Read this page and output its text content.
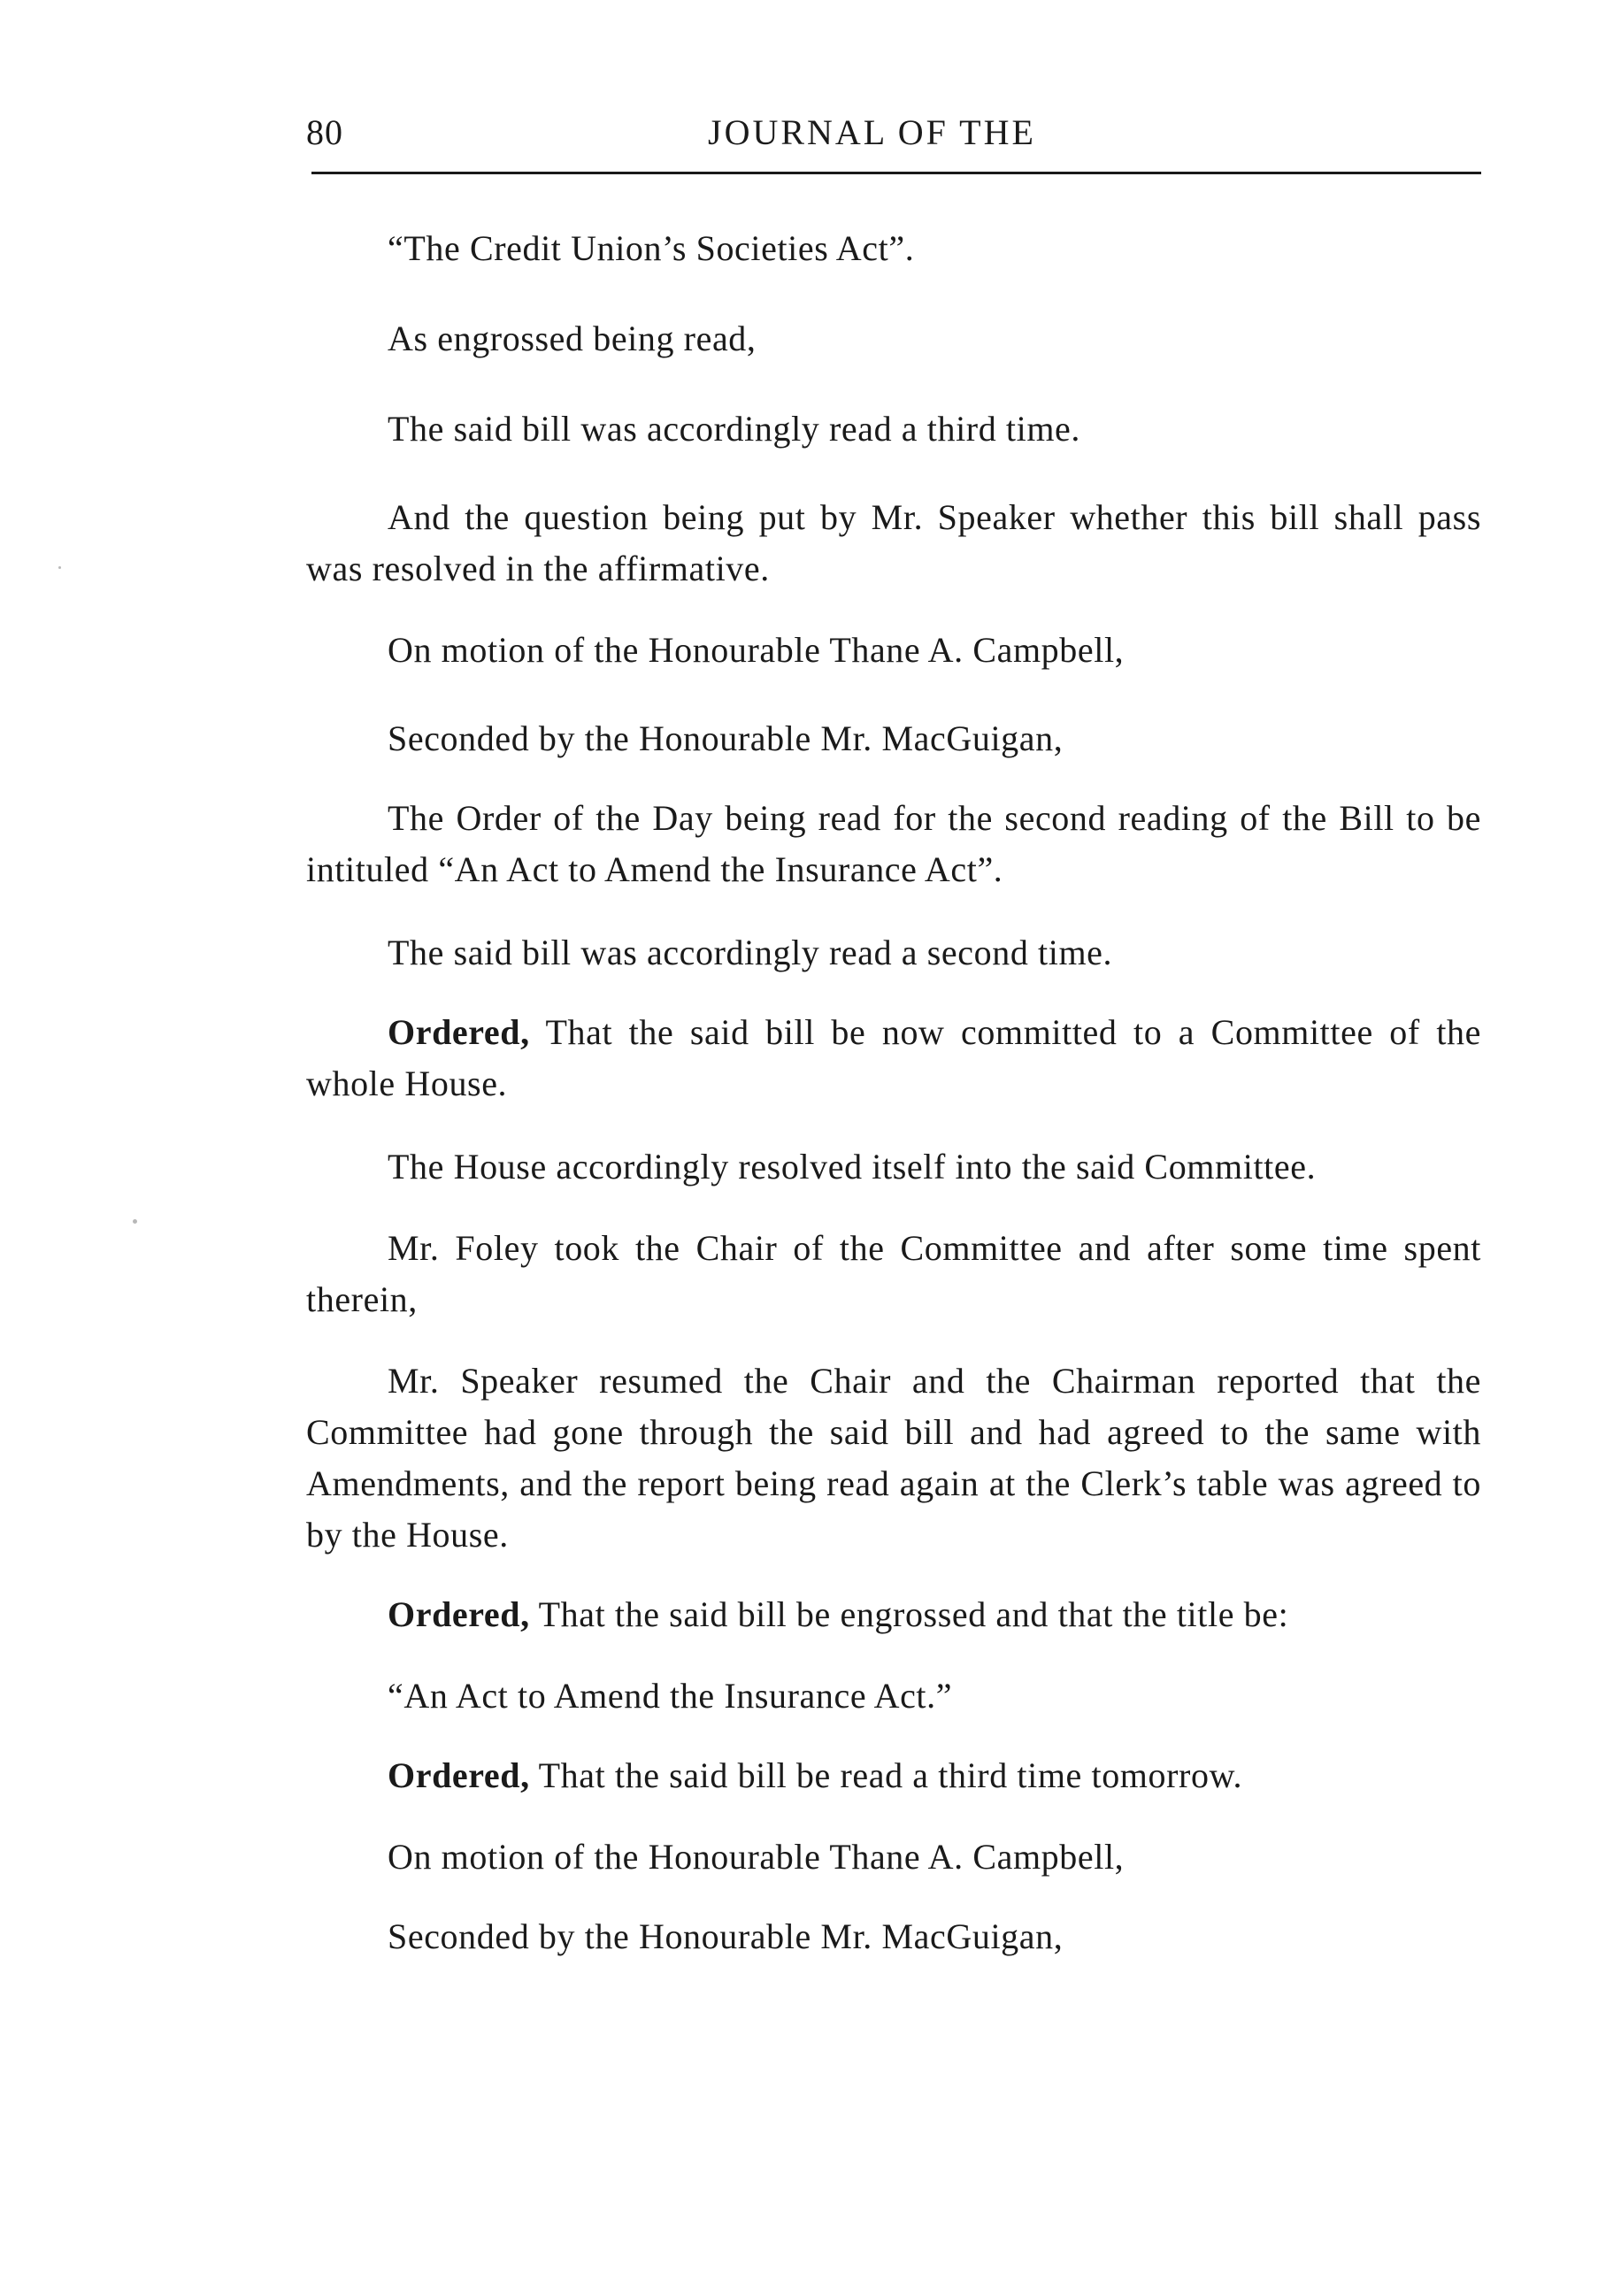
80	JOURNAL OF THE

“The Credit Union’s Societies Act”.

As engrossed being read,

The said bill was accordingly read a third time.

And the question being put by Mr. Speaker whether this bill shall pass was resolved in the affirmative.

On motion of the Honourable Thane A. Campbell,

Seconded by the Honourable Mr. MacGuigan,

The Order of the Day being read for the second reading of the Bill to be intituled “An Act to Amend the Insurance Act”.

The said bill was accordingly read a second time.

Ordered, That the said bill be now committed to a Committee of the whole House.

The House accordingly resolved itself into the said Committee.

Mr. Foley took the Chair of the Committee and after some time spent therein,

Mr. Speaker resumed the Chair and the Chairman reported that the Committee had gone through the said bill and had agreed to the same with Amendments, and the report being read again at the Clerk’s table was agreed to by the House.

Ordered, That the said bill be engrossed and that the title be:

“An Act to Amend the Insurance Act.”

Ordered, That the said bill be read a third time tomorrow.

On motion of the Honourable Thane A. Campbell,

Seconded by the Honourable Mr. MacGuigan,
